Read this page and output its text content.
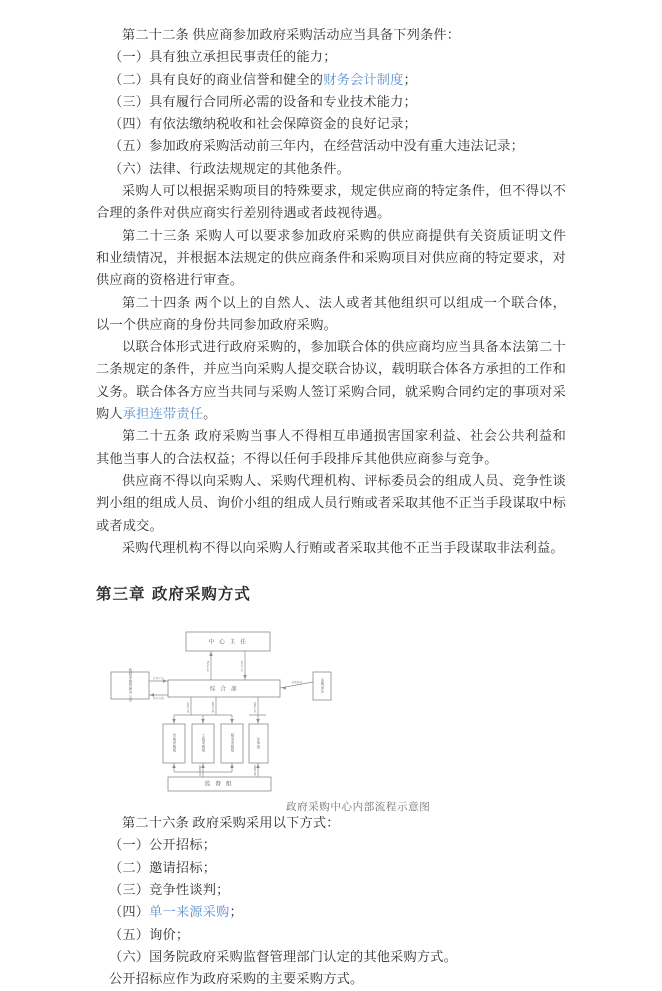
第二十二条 供应商参加政府采购活动应当具备下列条件：

（一）具有独立承担民事责任的能力；

（二）具有良好的商业信誉和健全的财务会计制度；

（三）具有履行合同所必需的设备和专业技术能力；

（四）有依法缴纳税收和社会保障资金的良好记录；

（五）参加政府采购活动前三年内，在经营活动中没有重大违法记录；

（六）法律、行政法规规定的其他条件。

采购人可以根据采购项目的特殊要求，规定供应商的特定条件，但不得以不合理的条件对供应商实行差别待遇或者歧视待遇。

第二十三条 采购人可以要求参加政府采购的供应商提供有关资质证明文件和业绩情况，并根据本法规定的供应商条件和采购项目对供应商的特定要求，对供应商的资格进行审查。

第二十四条 两个以上的自然人、法人或者其他组织可以组成一个联合体，以一个供应商的身份共同参加政府采购。

以联合体形式进行政府采购的，参加联合体的供应商均应当具备本法第二十二条规定的条件，并应当向采购人提交联合协议，载明联合体各方承担的工作和义务。联合体各方应当共同与采购人签订采购合同，就采购合同约定的事项对采购人承担连带责任。

第二十五条 政府采购当事人不得相互串通损害国家利益、社会公共利益和其他当事人的合法权益；不得以任何手段排斥其他供应商参与竞争。

供应商不得以向采购人、采购代理机构、评标委员会的组成人员、竞争性谈判小组的组成人员、询价小组的组成人员行贿或者采取其他不正当手段谋取中标或者成交。

采购代理机构不得以向采购人行贿或者采取其他不正当手段谋取非法利益。

第三章 政府采购方式
中 心 主 任
请示汇报	批示下达
政府采购管理办公室	综 合 部
计划下达
执行反馈
采购单位
采购需求
任务分派	组织实施	结果汇总
货物采购组	工程采购组	服务采购组	评审组
监督检查	监督反馈
监 督 组
政府采购中心内部流程示意图

第二十六条 政府采购采用以下方式：

（一）公开招标；

（二）邀请招标；

（三）竞争性谈判；

（四）单一来源采购；

（五）询价；

（六）国务院政府采购监督管理部门认定的其他采购方式。

公开招标应作为政府采购的主要采购方式。
